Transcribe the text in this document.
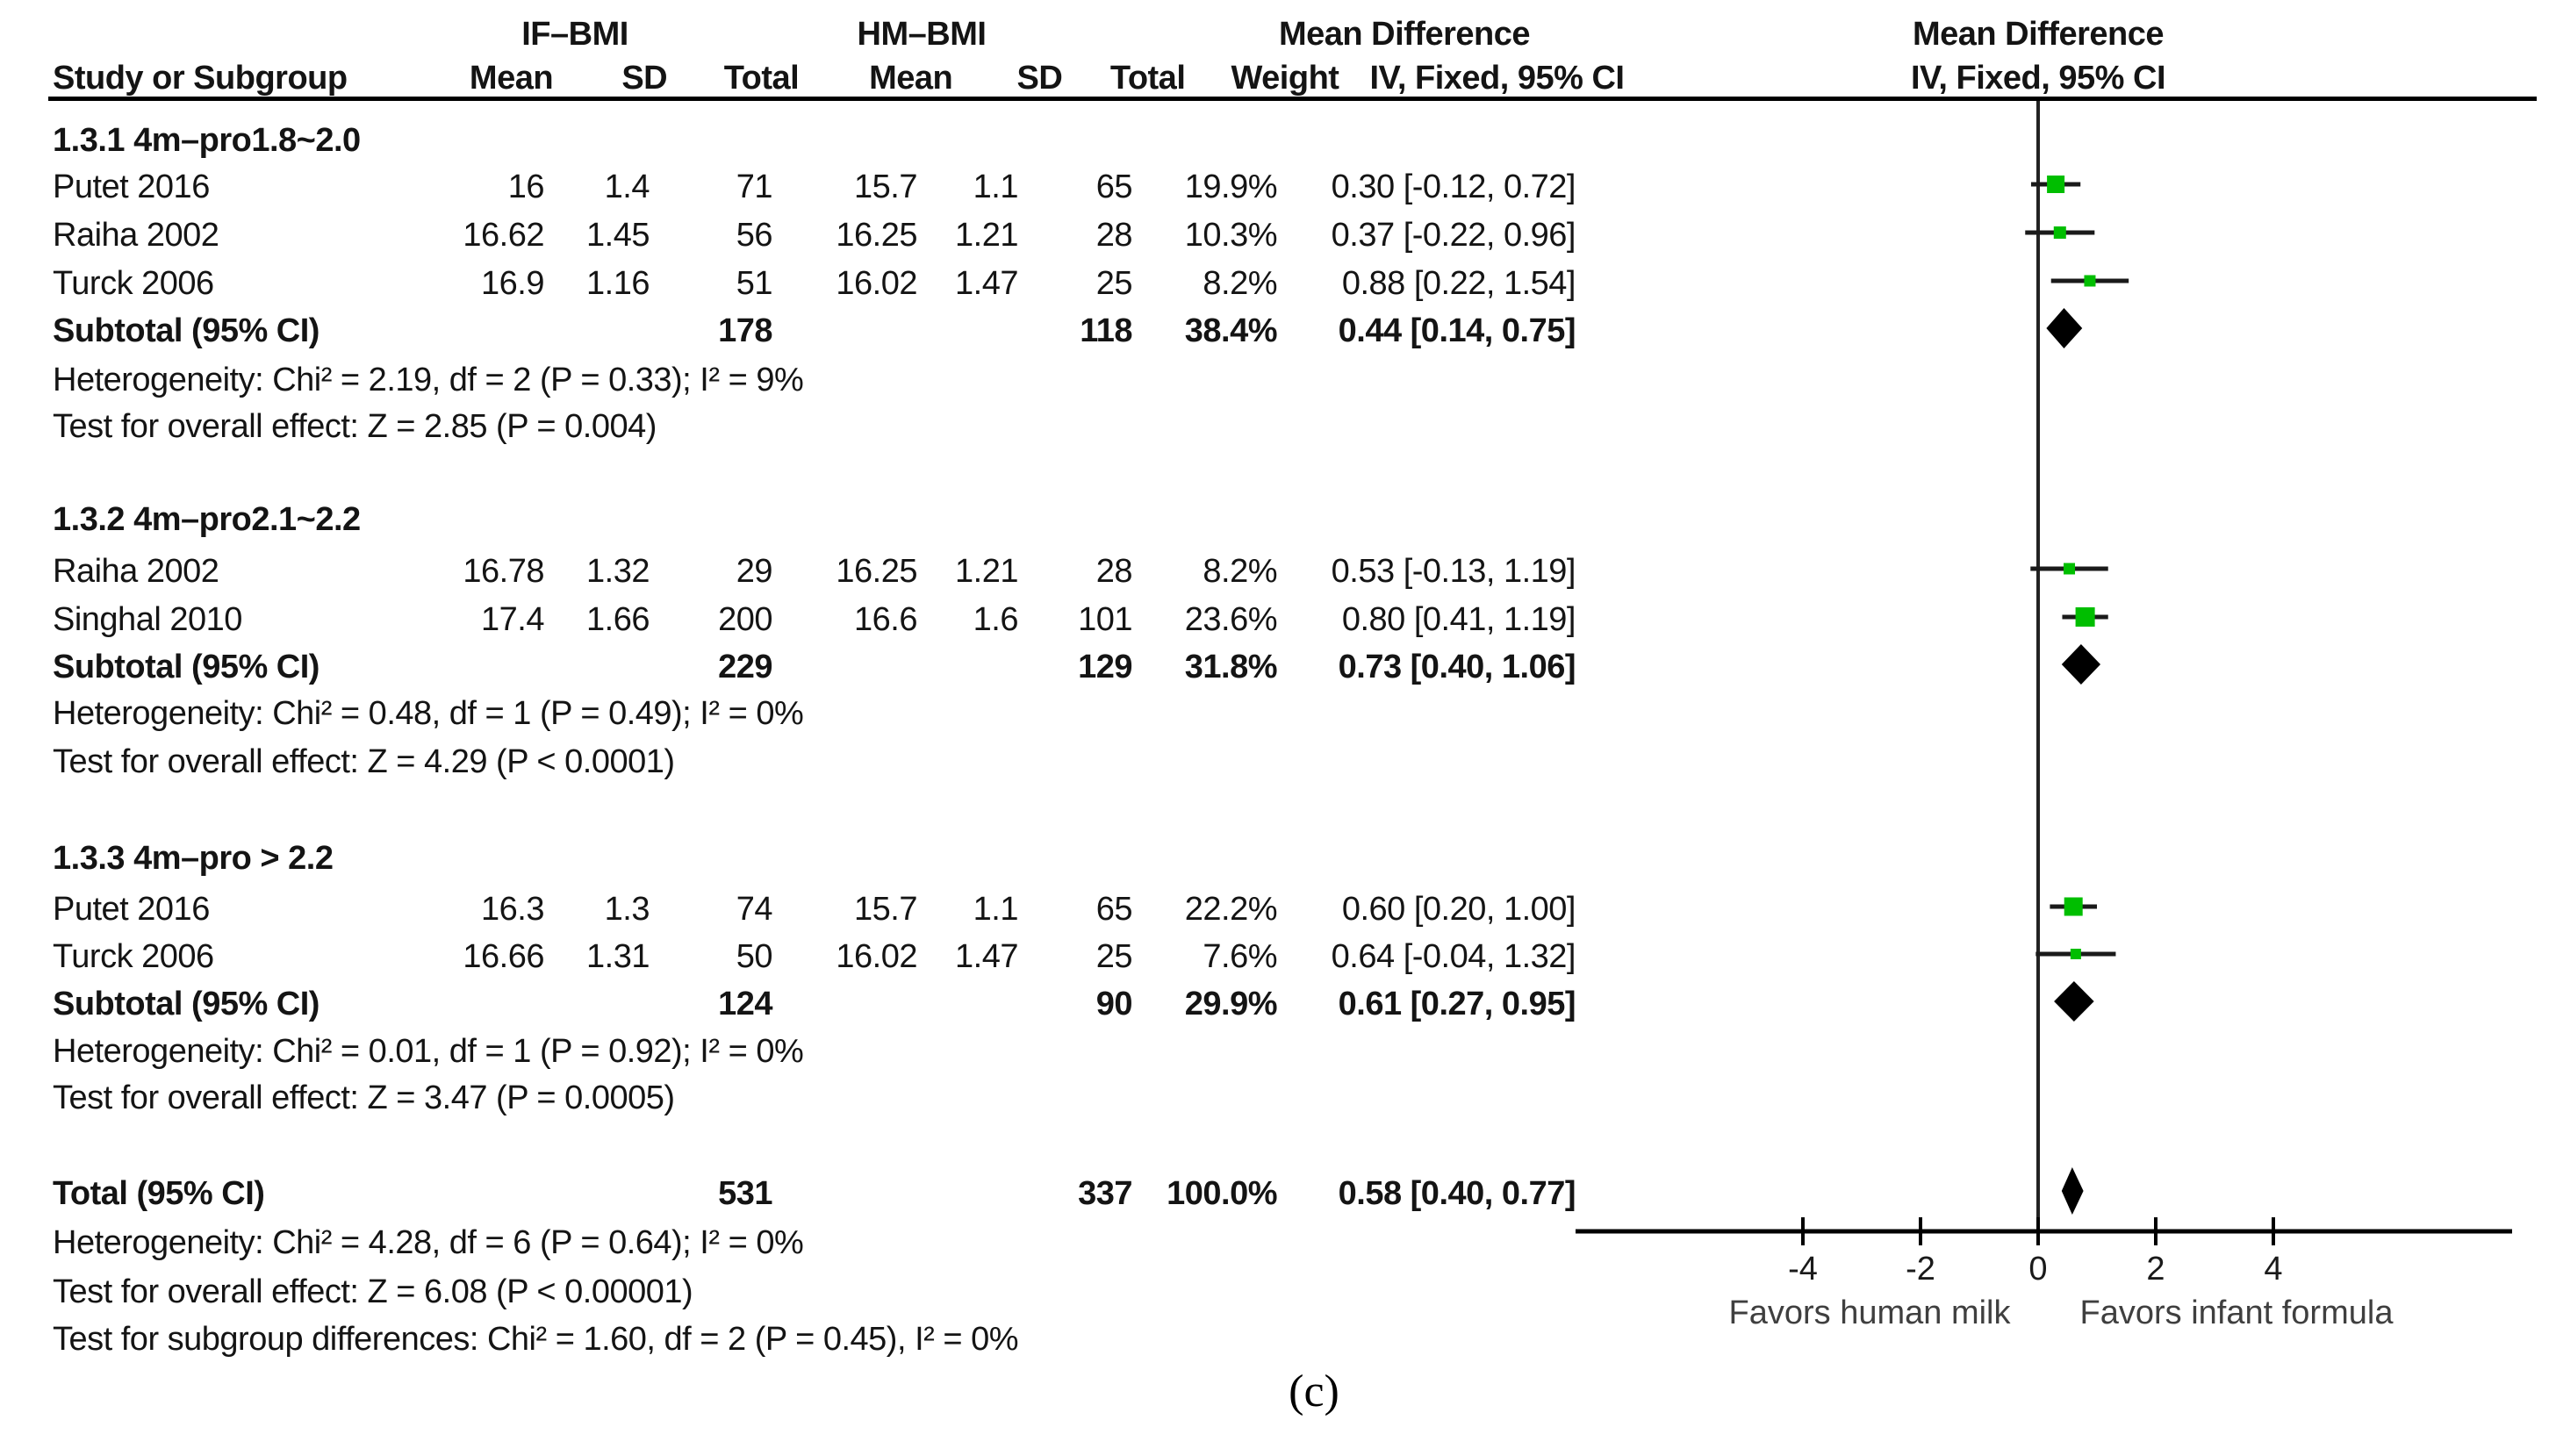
IF–BMI	HM–BMI	Mean Difference	Mean Difference
IV, Fixed, 95% CI
Study or Subgroup	Mean SD Total Mean SD Total Weight IV, Fixed, 95% CI
1.3.1 4m–pro1.8~2.0
Putet 2016	16 1.4	71 15.7 1.1 65 19.9% 0.30 [-0.12, 0.72]
Raiha 2002	16.62 1.45	56 16.25 1.21 28 10.3% 0.37 [-0.22, 0.96]
Turck 2006	16.9 1.16	51 16.02 1.47 25 8.2% 0.88 [0.22, 1.54]
Subtotal (95% CI)	178	118 38.4% 0.44 [0.14, 0.75]
Heterogeneity: Chi² = 2.19, df = 2 (P = 0.33); I² = 9%
Test for overall effect: Z = 2.85 (P = 0.004)
1.3.2 4m–pro2.1~2.2
Raiha 2002	16.78 1.32	29 16.25 1.21 28 8.2% 0.53 [-0.13, 1.19]
Singhal 2010	17.4 1.66 200 16.6 1.6 101 23.6% 0.80 [0.41, 1.19]
Subtotal (95% CI)	229	129 31.8% 0.73 [0.40, 1.06]
Heterogeneity: Chi² = 0.48, df = 1 (P = 0.49); I² = 0%
Test for overall effect: Z = 4.29 (P < 0.0001)
1.3.3 4m–pro > 2.2
Putet 2016	16.3 1.3	74 15.7 1.1 65 22.2% 0.60 [0.20, 1.00]
Turck 2006	16.66 1.31	50 16.02 1.47 25 7.6% 0.64 [-0.04, 1.32]
Subtotal (95% CI)	124	90 29.9% 0.61 [0.27, 0.95]
Heterogeneity: Chi² = 0.01, df = 1 (P = 0.92); I² = 0%
Test for overall effect: Z = 3.47 (P = 0.0005)
Total (95% CI)	531	337 100.0% 0.58 [0.40, 0.77]
Heterogeneity: Chi² = 4.28, df = 6 (P = 0.64); I² = 0%
Test for overall effect: Z = 6.08 (P < 0.00001)
Test for subgroup differences: Chi² = 1.60, df = 2 (P = 0.45), I² = 0%
-4	-2	0	2	4
Favors human milk Favors infant formula
(c)
